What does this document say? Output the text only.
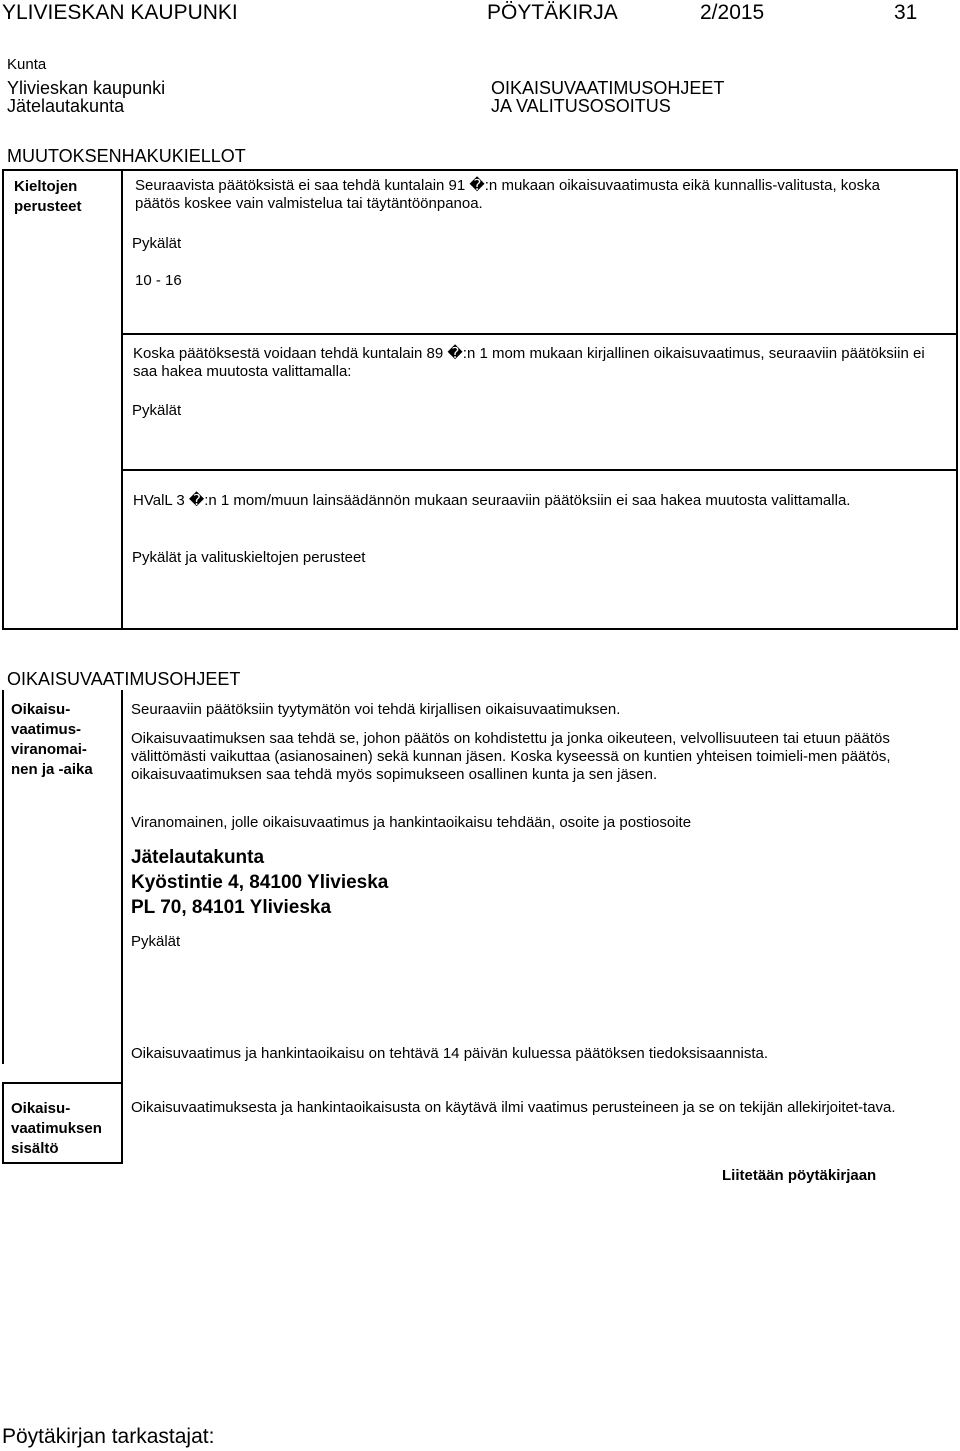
YLIVIESKAN KAUPUNKI	PÖYTÄKIRJA	2/2015	31
Kunta
Ylivieskan kaupunki
Jätelautakunta
OIKAISUVAATIMUSOHJEET
JA VALITUSOSOITUS
MUUTOKSENHAKUKIELLOT
Kieltojen
perusteet
Seuraavista päätöksistä ei saa tehdä kuntalain 91 �:n mukaan oikaisuvaatimusta eikä kunnallis-valitusta, koska päätös koskee vain valmistelua tai täytäntöönpanoa.
Pykälät
10 - 16
Koska päätöksestä voidaan tehdä kuntalain 89 �:n 1 mom mukaan kirjallinen oikaisuvaatimus, seuraaviin päätöksiin ei saa hakea muutosta valittamalla:
Pykälät
HValL 3 �:n 1 mom/muun lainsäädännön mukaan seuraaviin päätöksiin ei saa hakea muutosta valittamalla.
Pykälät ja valituskieltojen perusteet
OIKAISUVAATIMUSOHJEET
Oikaisu-
vaatimus-
viranomai-
nen ja -aika
Seuraaviin päätöksiin tyytymätön voi tehdä kirjallisen oikaisuvaatimuksen.
Oikaisuvaatimuksen saa tehdä se, johon päätös on kohdistettu ja jonka oikeuteen, velvollisuuteen tai etuun päätös välittömästi vaikuttaa (asianosainen) sekä kunnan jäsen. Koska kyseessä on kuntien yhteisen toimieli-men päätös, oikaisuvaatimuksen saa tehdä myös sopimukseen osallinen kunta ja sen jäsen.
Viranomainen, jolle oikaisuvaatimus ja hankintaoikaisu tehdään, osoite ja postiosoite
Jätelautakunta
Kyöstintie 4, 84100 Ylivieska
PL 70, 84101 Ylivieska
Pykälät
Oikaisuvaatimus ja hankintaoikaisu on tehtävä 14 päivän kuluessa päätöksen tiedoksisaannista.
Oikaisu-
vaatimuksen
sisältö
Oikaisuvaatimuksesta ja hankintaoikaisusta on käytävä ilmi vaatimus perusteineen ja se on tekijän allekirjoitet-tava.
Liitetään pöytäkirjaan
Pöytäkirjan tarkastajat:
